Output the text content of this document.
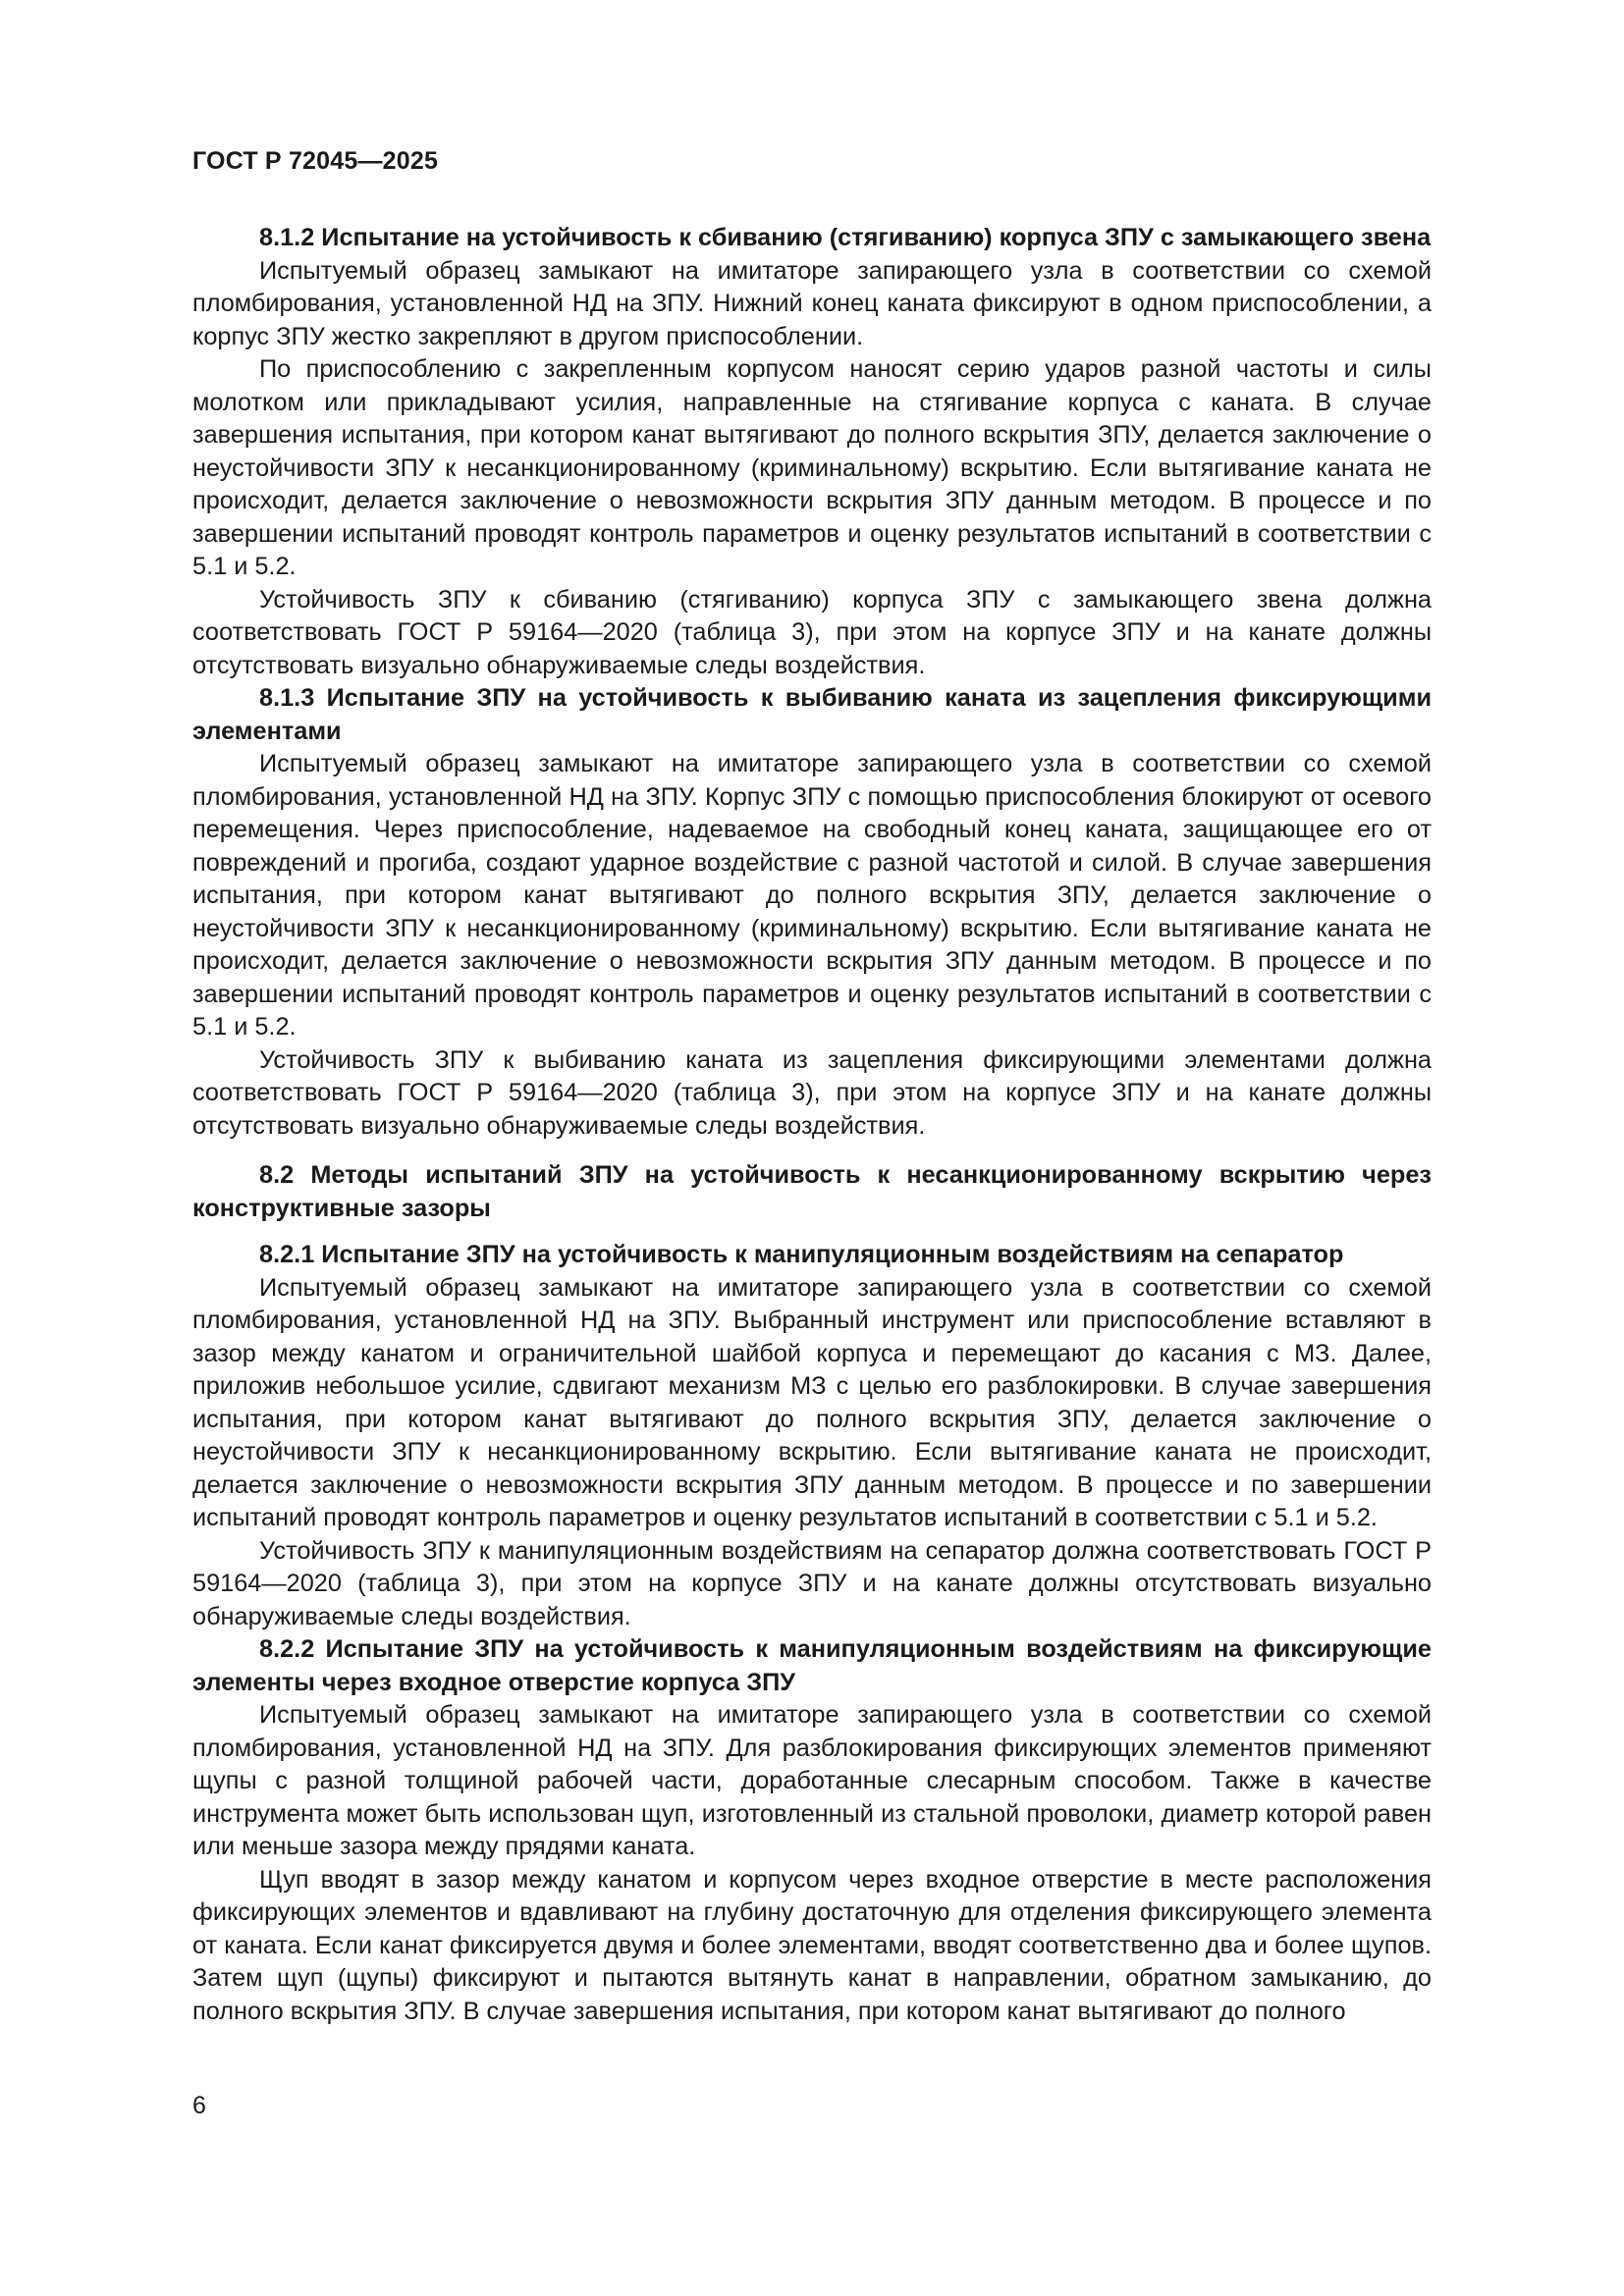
ГОСТ Р 72045—2025

8.1.2 Испытание на устойчивость к сбиванию (стягиванию) корпуса ЗПУ с замыкающего звена

Испытуемый образец замыкают на имитаторе запирающего узла в соответствии со схемой пломбирования, установленной НД на ЗПУ. Нижний конец каната фиксируют в одном приспособлении, а корпус ЗПУ жестко закрепляют в другом приспособлении.

По приспособлению с закрепленным корпусом наносят серию ударов разной частоты и силы молотком или прикладывают усилия, направленные на стягивание корпуса с каната. В случае завершения испытания, при котором канат вытягивают до полного вскрытия ЗПУ, делается заключение о неустойчивости ЗПУ к несанкционированному (криминальному) вскрытию. Если вытягивание каната не происходит, делается заключение о невозможности вскрытия ЗПУ данным методом. В процессе и по завершении испытаний проводят контроль параметров и оценку результатов испытаний в соответствии с 5.1 и 5.2.

Устойчивость ЗПУ к сбиванию (стягиванию) корпуса ЗПУ с замыкающего звена должна соответствовать ГОСТ Р 59164—2020 (таблица 3), при этом на корпусе ЗПУ и на канате должны отсутствовать визуально обнаруживаемые следы воздействия.

8.1.3 Испытание ЗПУ на устойчивость к выбиванию каната из зацепления фиксирующими элементами

Испытуемый образец замыкают на имитаторе запирающего узла в соответствии со схемой пломбирования, установленной НД на ЗПУ. Корпус ЗПУ с помощью приспособления блокируют от осевого перемещения. Через приспособление, надеваемое на свободный конец каната, защищающее его от повреждений и прогиба, создают ударное воздействие с разной частотой и силой. В случае завершения испытания, при котором канат вытягивают до полного вскрытия ЗПУ, делается заключение о неустойчивости ЗПУ к несанкционированному (криминальному) вскрытию. Если вытягивание каната не происходит, делается заключение о невозможности вскрытия ЗПУ данным методом. В процессе и по завершении испытаний проводят контроль параметров и оценку результатов испытаний в соответствии с 5.1 и 5.2.

Устойчивость ЗПУ к выбиванию каната из зацепления фиксирующими элементами должна соответствовать ГОСТ Р 59164—2020 (таблица 3), при этом на корпусе ЗПУ и на канате должны отсутствовать визуально обнаруживаемые следы воздействия.

8.2 Методы испытаний ЗПУ на устойчивость к несанкционированному вскрытию через конструктивные зазоры

8.2.1 Испытание ЗПУ на устойчивость к манипуляционным воздействиям на сепаратор

Испытуемый образец замыкают на имитаторе запирающего узла в соответствии со схемой пломбирования, установленной НД на ЗПУ. Выбранный инструмент или приспособление вставляют в зазор между канатом и ограничительной шайбой корпуса и перемещают до касания с МЗ. Далее, приложив небольшое усилие, сдвигают механизм МЗ с целью его разблокировки. В случае завершения испытания, при котором канат вытягивают до полного вскрытия ЗПУ, делается заключение о неустойчивости ЗПУ к несанкционированному вскрытию. Если вытягивание каната не происходит, делается заключение о невозможности вскрытия ЗПУ данным методом. В процессе и по завершении испытаний проводят контроль параметров и оценку результатов испытаний в соответствии с 5.1 и 5.2.

Устойчивость ЗПУ к манипуляционным воздействиям на сепаратор должна соответствовать ГОСТ Р 59164—2020 (таблица 3), при этом на корпусе ЗПУ и на канате должны отсутствовать визуально обнаруживаемые следы воздействия.

8.2.2 Испытание ЗПУ на устойчивость к манипуляционным воздействиям на фиксирующие элементы через входное отверстие корпуса ЗПУ

Испытуемый образец замыкают на имитаторе запирающего узла в соответствии со схемой пломбирования, установленной НД на ЗПУ. Для разблокирования фиксирующих элементов применяют щупы с разной толщиной рабочей части, доработанные слесарным способом. Также в качестве инструмента может быть использован щуп, изготовленный из стальной проволоки, диаметр которой равен или меньше зазора между прядями каната.

Щуп вводят в зазор между канатом и корпусом через входное отверстие в месте расположения фиксирующих элементов и вдавливают на глубину достаточную для отделения фиксирующего элемента от каната. Если канат фиксируется двумя и более элементами, вводят соответственно два и более щупов. Затем щуп (щупы) фиксируют и пытаются вытянуть канат в направлении, обратном замыканию, до полного вскрытия ЗПУ. В случае завершения испытания, при котором канат вытягивают до полного

6
